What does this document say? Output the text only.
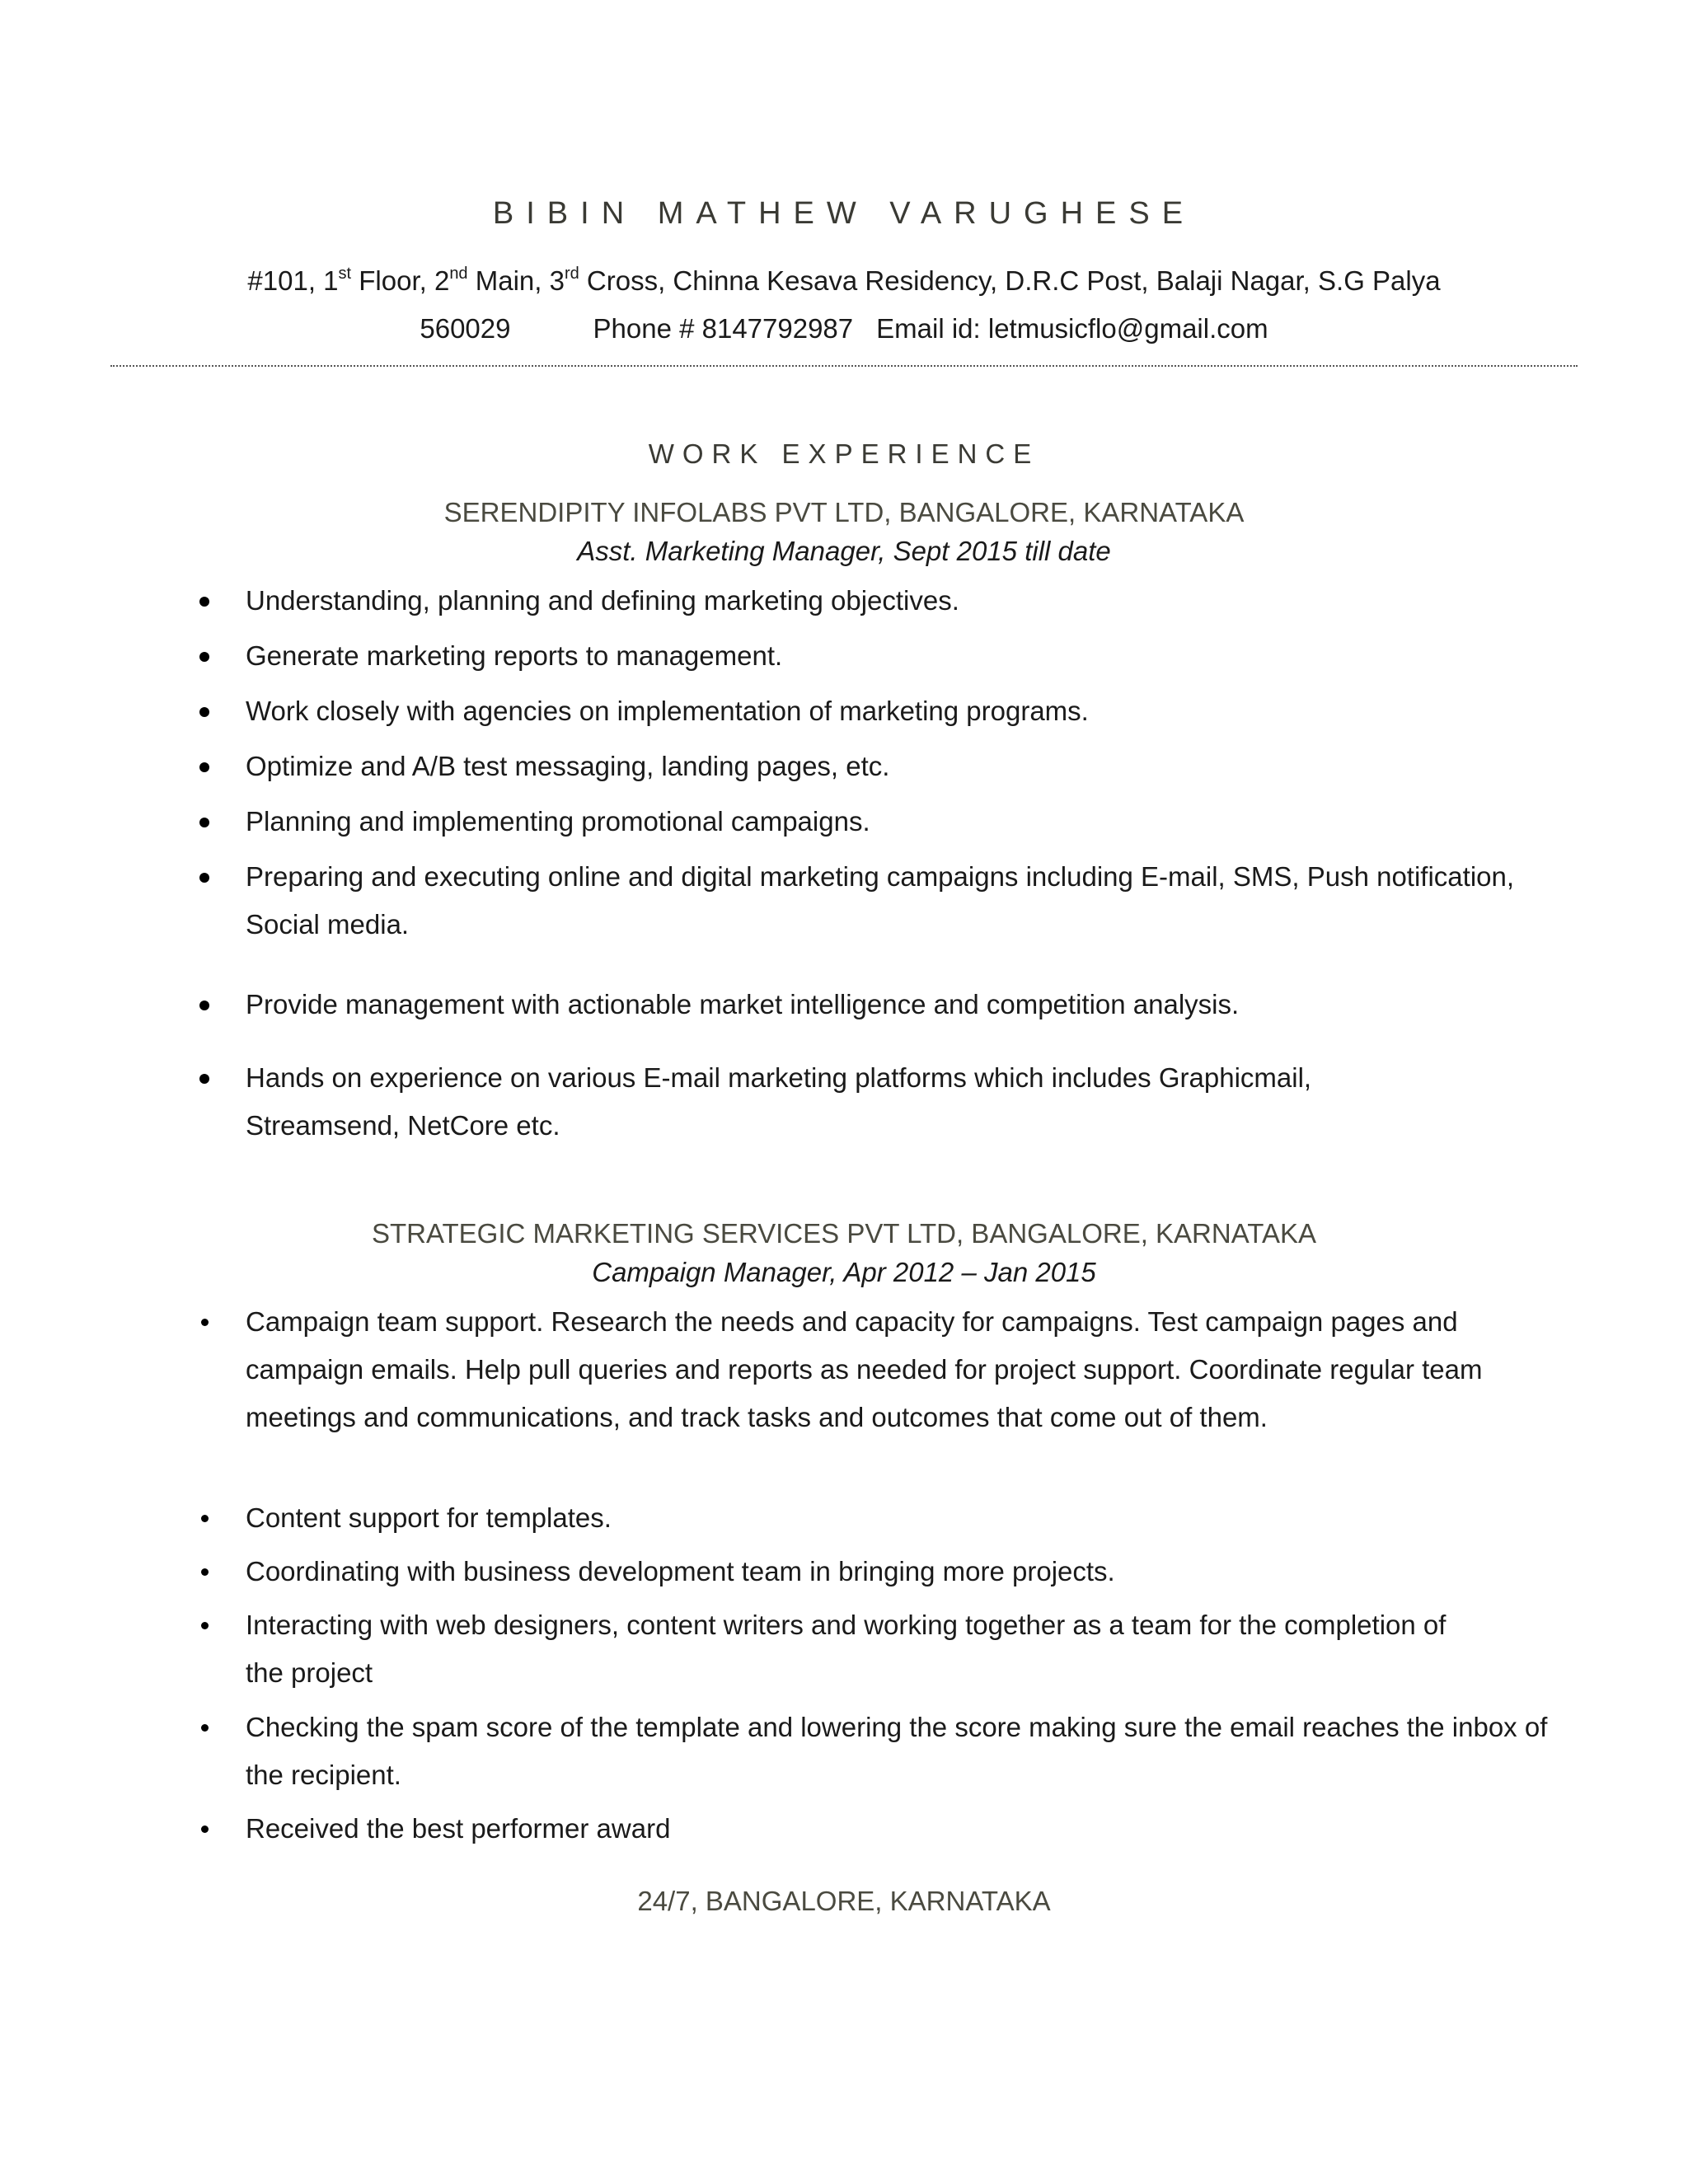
BIBIN MATHEW VARUGHESE
#101, 1st Floor, 2nd Main, 3rd Cross, Chinna Kesava Residency, D.R.C Post, Balaji Nagar, S.G Palya
560029	Phone # 8147792987 Email id: letmusicflo@gmail.com
WORK EXPERIENCE
SERENDIPITY INFOLABS PVT LTD, BANGALORE, KARNATAKA
Asst. Marketing Manager, Sept 2015 till date
Understanding, planning and defining marketing objectives.
Generate marketing reports to management.
Work closely with agencies on implementation of marketing programs.
Optimize and A/B test messaging, landing pages, etc.
Planning and implementing promotional campaigns.
Preparing and executing online and digital marketing campaigns including E-mail, SMS, Push notification, Social media.
Provide management with actionable market intelligence and competition analysis.
Hands on experience on various E-mail marketing platforms which includes Graphicmail, Streamsend, NetCore etc.
STRATEGIC MARKETING SERVICES PVT LTD, BANGALORE, KARNATAKA
Campaign Manager, Apr 2012 – Jan 2015
Campaign team support. Research the needs and capacity for campaigns. Test campaign pages and campaign emails. Help pull queries and reports as needed for project support. Coordinate regular team meetings and communications, and track tasks and outcomes that come out of them.
Content support for templates.
Coordinating with business development team in bringing more projects.
Interacting with web designers, content writers and working together as a team for the completion of the project
Checking the spam score of the template and lowering the score making sure the email reaches the inbox of the recipient.
Received the best performer award
24/7, BANGALORE, KARNATAKA
